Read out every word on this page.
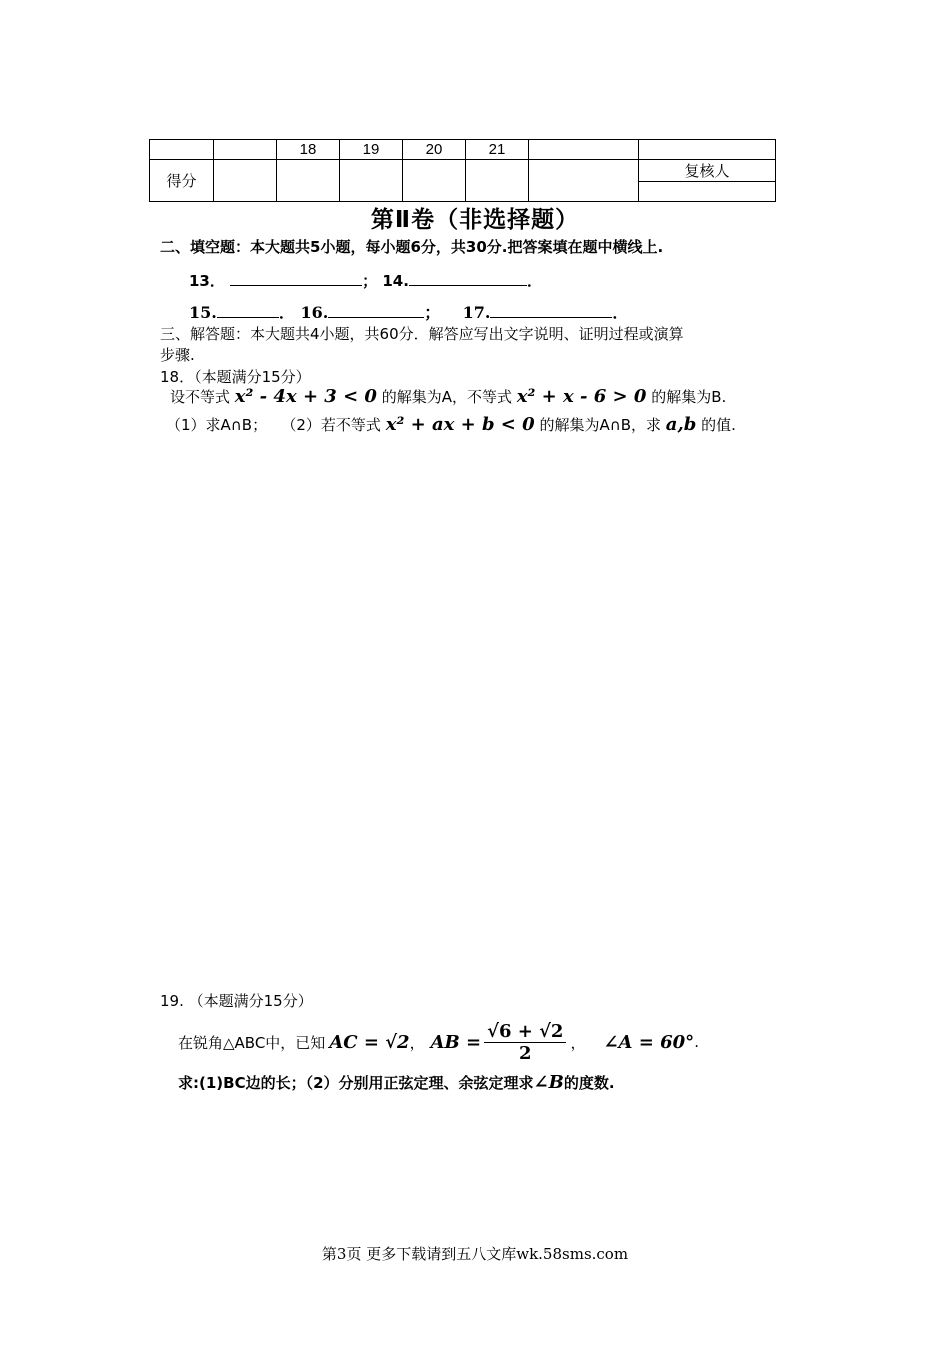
		18	19	20	21		
得分							复核人

第Ⅱ卷（非选择题）
二、填空题：本大题共5小题，每小题6分，共30分.把答案填在题中横线上.
13．	； 14.	．
15.	． 16.	； 17.	．
三、解答题：本大题共4小题，共60分．解答应写出文字说明、证明过程或演算
步骤.
18．（本题满分15分）
设不等式 x² - 4x + 3 < 0 的解集为A，不等式 x² + x - 6 > 0 的解集为B.
（1）求A∩B； （2）若不等式 x² + ax + b < 0 的解集为A∩B，求 a,b 的值.
19. （本题满分15分）
在锐角△ABC中，已知 AC = √2 ， AB = $\frac{√6 + √2}{2}$ ， ∠A = 60° .
求:(1)BC边的长；（2）分别用正弦定理、余弦定理求∠B的度数.
第3页 更多下载请到五八文库wk.58sms.com
